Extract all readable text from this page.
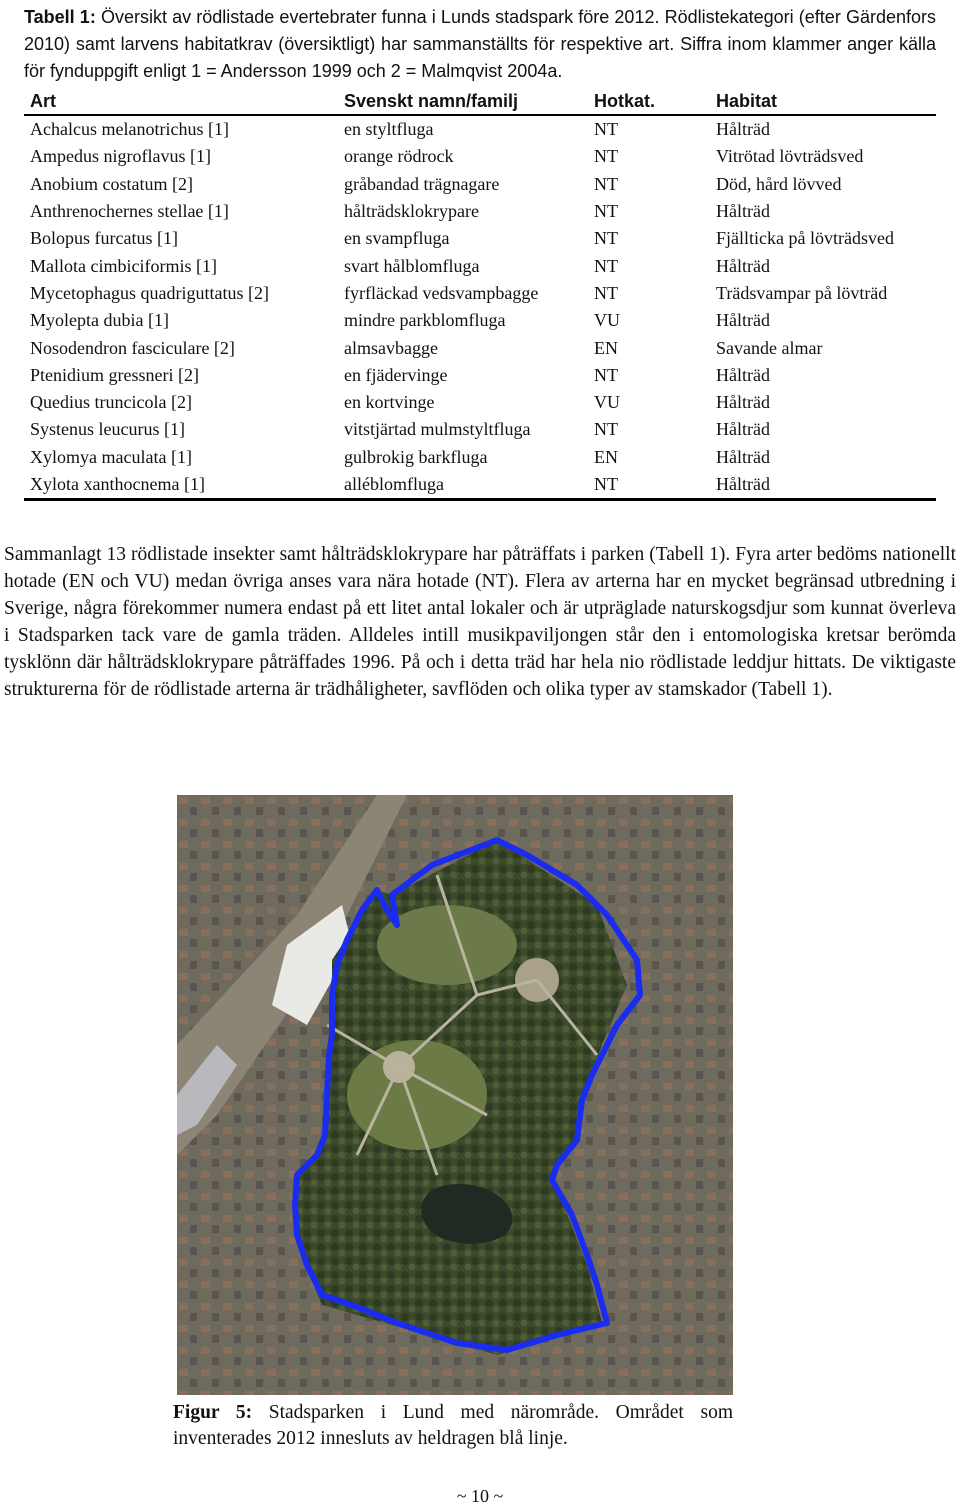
Tabell 1: Översikt av rödlistade evertebrater funna i Lunds stadspark före 2012. Rödlistekategori (efter Gärdenfors 2010) samt larvens habitatkrav (översiktligt) har sammanställts för respektive art. Siffra inom klammer anger källa för fynduppgift enligt 1 = Andersson 1999 och 2 = Malmqvist 2004a.
Art	Svenskt namn/familj	Hotkat.	Habitat
Achalcus melanotrichus [1]	en styltfluga	NT	Hålträd
Ampedus nigroflavus [1]	orange rödrock	NT	Vitrötad lövträdsved
Anobium costatum [2]	gråbandad trägnagare	NT	Död, hård lövved
Anthrenochernes stellae [1]	hålträdsklokrypare	NT	Hålträd
Bolopus furcatus [1]	en svampfluga	NT	Fjällticka på lövträdsved
Mallota cimbiciformis [1]	svart hålblomfluga	NT	Hålträd
Mycetophagus quadriguttatus [2]	fyrfläckad vedsvampbagge	NT	Trädsvampar på lövträd
Myolepta dubia [1]	mindre parkblomfluga	VU	Hålträd
Nosodendron fasciculare [2]	almsavbagge	EN	Savande almar
Ptenidium gressneri [2]	en fjädervinge	NT	Hålträd
Quedius truncicola [2]	en kortvinge	VU	Hålträd
Systenus leucurus [1]	vitstjärtad mulmstyltfluga	NT	Hålträd
Xylomya maculata [1]	gulbrokig barkfluga	EN	Hålträd
Xylota xanthocnema [1]	alléblomfluga	NT	Hålträd
Sammanlagt 13 rödlistade insekter samt hålträdsklokrypare har påträffats i parken (Tabell 1). Fyra arter bedöms nationellt hotade (EN och VU) medan övriga anses vara nära hotade (NT). Flera av arterna har en mycket begränsad utbredning i Sverige, några förekommer numera endast på ett litet antal lokaler och är utpräglade naturskogsdjur som kunnat överleva i Stadsparken tack vare de gamla träden. Alldeles intill musikpaviljongen står den i entomologiska kretsar berömda tysklönn där hålträdsklokrypare påträffades 1996. På och i detta träd har hela nio rödlistade leddjur hittats. De viktigaste strukturerna för de rödlistade arterna är trädhåligheter, savflöden och olika typer av stamskador (Tabell 1).
Figur 5: Stadsparken i Lund med närområde. Området som inventerades 2012 innesluts av heldragen blå linje.
~ 10 ~
